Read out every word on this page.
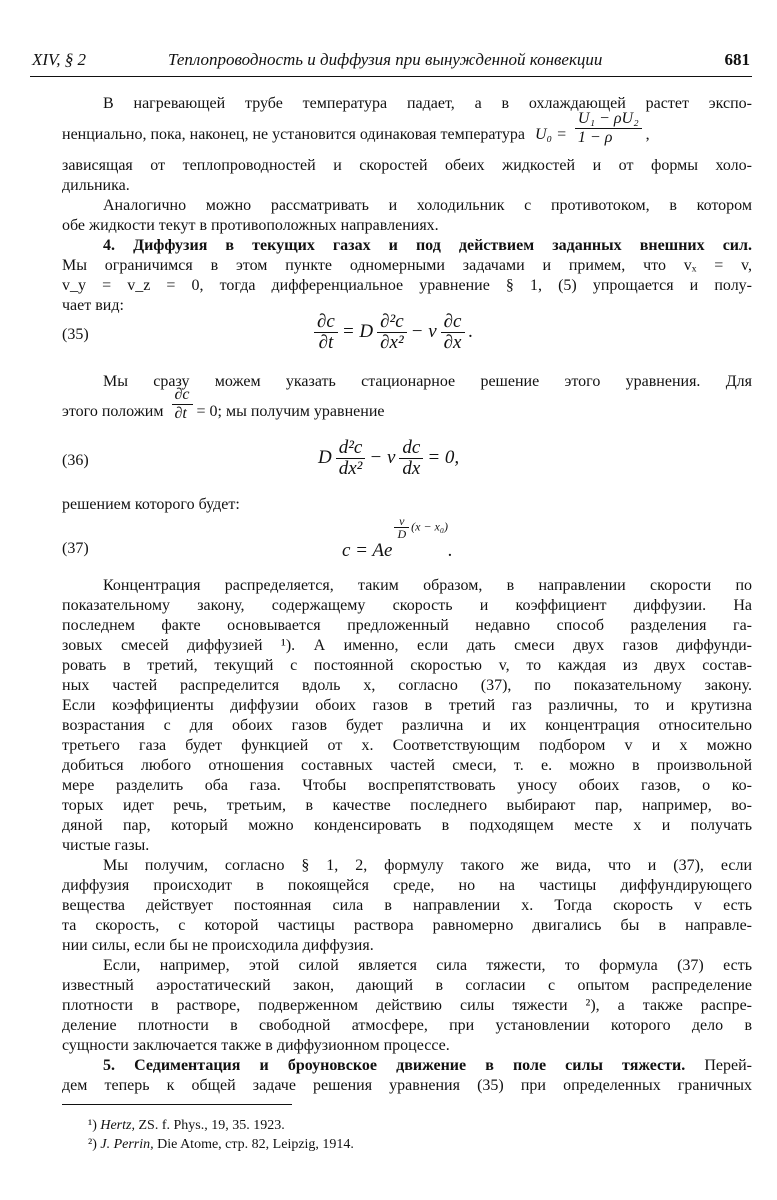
XIV, § 2	Теплопроводность и диффузия при вынужденной конвекции	681
В нагревающей трубе температура падает, а в охлаждающей растет экспо-
ненциально, пока, наконец, не установится одинаковая температура $U_0 = \frac{\text{U₁ − ρU₂}}{1 - \rho}$ ,
зависящая от теплопроводностей и скоростей обеих жидкостей и от формы холо-
дильника.
Аналогично можно рассматривать и холодильник с противотоком, в котором
обе жидкости текут в противоположных направлениях.
4. Диффузия в текущих газах и под действием заданных внешних сил.
Мы ограничимся в этом пункте одномерными задачами и примем, что vₓ = v,
v_y = v_z = 0, тогда дифференциальное уравнение § 1, (5) упрощается и полу-
чает вид:
(35)	$\frac{\partial c}{\partial t} = D \frac{\text{∂²c}}{\text{∂x²}} - v \frac{\partial c}{\partial x}$ .
Мы сразу можем указать стационарное решение этого уравнения. Для
этого положим $\frac{\partial c}{\partial t} = 0$; мы получим уравнение
(36)	D $\frac{\text{d²c}}{\text{dx²}} - v \frac{dc}{dx} = 0$,
решением которого будет:
(37)	c = Ae
$\frac{v}{D} (x - x_0)$.
Концентрация распределяется, таким образом, в направлении скорости по
показательному закону, содержащему скорость и коэффициент диффузии. На
последнем факте основывается предложенный недавно способ разделения га-
зовых смесей диффузией ¹). А именно, если дать смеси двух газов диффунди-
ровать в третий, текущий с постоянной скоростью v, то каждая из двух состав-
ных частей распределится вдоль x, согласно (37), по показательному закону.
Если коэффициенты диффузии обоих газов в третий газ различны, то и крутизна
возрастания c для обоих газов будет различна и их концентрация относительно
третьего газа будет функцией от x. Соответствующим подбором v и x можно
добиться любого отношения составных частей смеси, т. е. можно в произвольной
мере разделить оба газа. Чтобы воспрепятствовать уносу обоих газов, о ко-
торых идет речь, третьим, в качестве последнего выбирают пар, например, во-
дяной пар, который можно конденсировать в подходящем месте x и получать
чистые газы.
Мы получим, согласно § 1, 2, формулу такого же вида, что и (37), если
диффузия происходит в покоящейся среде, но на частицы диффундирующего
вещества действует постоянная сила в направлении x. Тогда скорость v есть
та скорость, с которой частицы раствора равномерно двигались бы в направле-
нии силы, если бы не происходила диффузия.
Если, например, этой силой является сила тяжести, то формула (37) есть
известный аэростатический закон, дающий в согласии с опытом распределение
плотности в растворе, подверженном действию силы тяжести ²), а также распре-
деление плотности в свободной атмосфере, при установлении которого дело в
сущности заключается также в диффузионном процессе.
5. Седиментация и броуновское движение в поле силы тяжести. Перей-
дем теперь к общей задаче решения уравнения (35) при определенных граничных
¹) Hertz, ZS. f. Phys., 19, 35. 1923.
²) J. Perrin, Die Atome, стр. 82, Leipzig, 1914.
